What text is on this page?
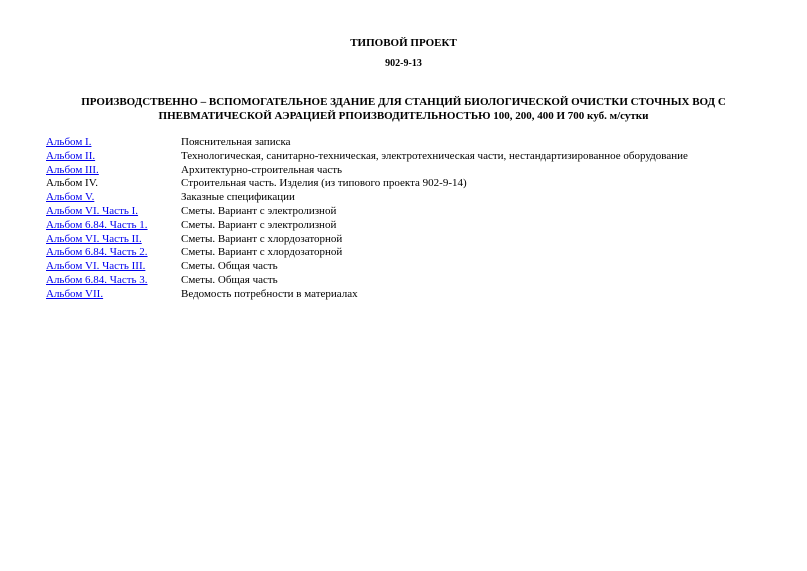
ТИПОВОЙ ПРОЕКТ
902-9-13
ПРОИЗВОДСТВЕННО – ВСПОМОГАТЕЛЬНОЕ ЗДАНИЕ ДЛЯ СТАНЦИЙ БИОЛОГИЧЕСКОЙ ОЧИСТКИ СТОЧНЫХ ВОД С
ПНЕВМАТИЧЕСКОЙ АЭРАЦИЕЙ РПОИЗВОДИТЕЛЬНОСТЬЮ 100, 200, 400 И 700 куб. м/сутки
Альбом I.	Пояснительная записка
Альбом II.	Технологическая, санитарно-техническая, электротехническая части, нестандартизированное оборудование
Альбом III.	Архитектурно-строительная часть
Альбом IV.	Строительная часть. Изделия (из типового проекта 902-9-14)
Альбом V.	Заказные спецификации
Альбом VI. Часть I.	Сметы. Вариант с электролизной
Альбом 6.84. Часть 1.	Сметы. Вариант с электролизной
Альбом VI. Часть II.	Сметы. Вариант с хлордозаторной
Альбом 6.84. Часть 2.	Сметы. Вариант с хлордозаторной
Альбом VI. Часть III.	Сметы. Общая часть
Альбом 6.84. Часть 3.	Сметы. Общая часть
Альбом VII.	Ведомость потребности в материалах
